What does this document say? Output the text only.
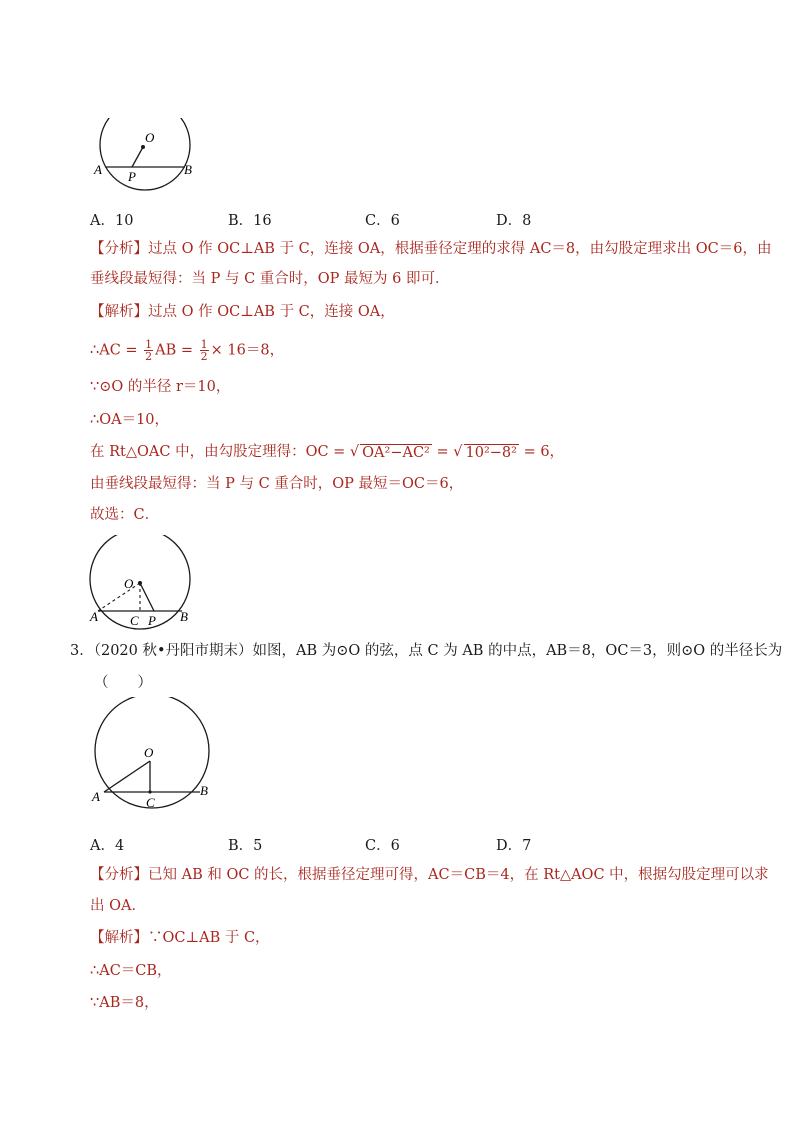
O
A	B
P
A．10	B．16	C．6	D．8
【分析】过点 O 作 OC⊥AB 于 C，连接 OA，根据垂径定理的求得 AC＝8，由勾股定理求出 OC＝6，由
垂线段最短得：当 P 与 C 重合时，OP 最短为 6 即可．
【解析】过点 O 作 OC⊥AB 于 C，连接 OA，
∴AC = $\frac{1}{2}$ AB = $\frac{1}{2} \times 16=8$，
∵⊙O 的半径 r＝10，
∴OA＝10，
在 Rt△OAC 中，由勾股定理得：OC = √ OA²−AC² = √ 10²−8² = 6，
由垂线段最短得：当 P 与 C 重合时，OP 最短＝OC＝6，
故选：C．
O
A	B
C P
3．（2020 秋•丹阳市期末）如图，AB 为⊙O 的弦，点 C 为 AB 的中点，AB＝8，OC＝3，则⊙O 的半径长为
（　　）
O
A	B
C
A．4	B．5	C．6	D．7
【分析】已知 AB 和 OC 的长，根据垂径定理可得，AC＝CB＝4，在 Rt△AOC 中，根据勾股定理可以求
出 OA．
【解析】∵OC⊥AB 于 C，
∴AC＝CB，
∵AB＝8，
